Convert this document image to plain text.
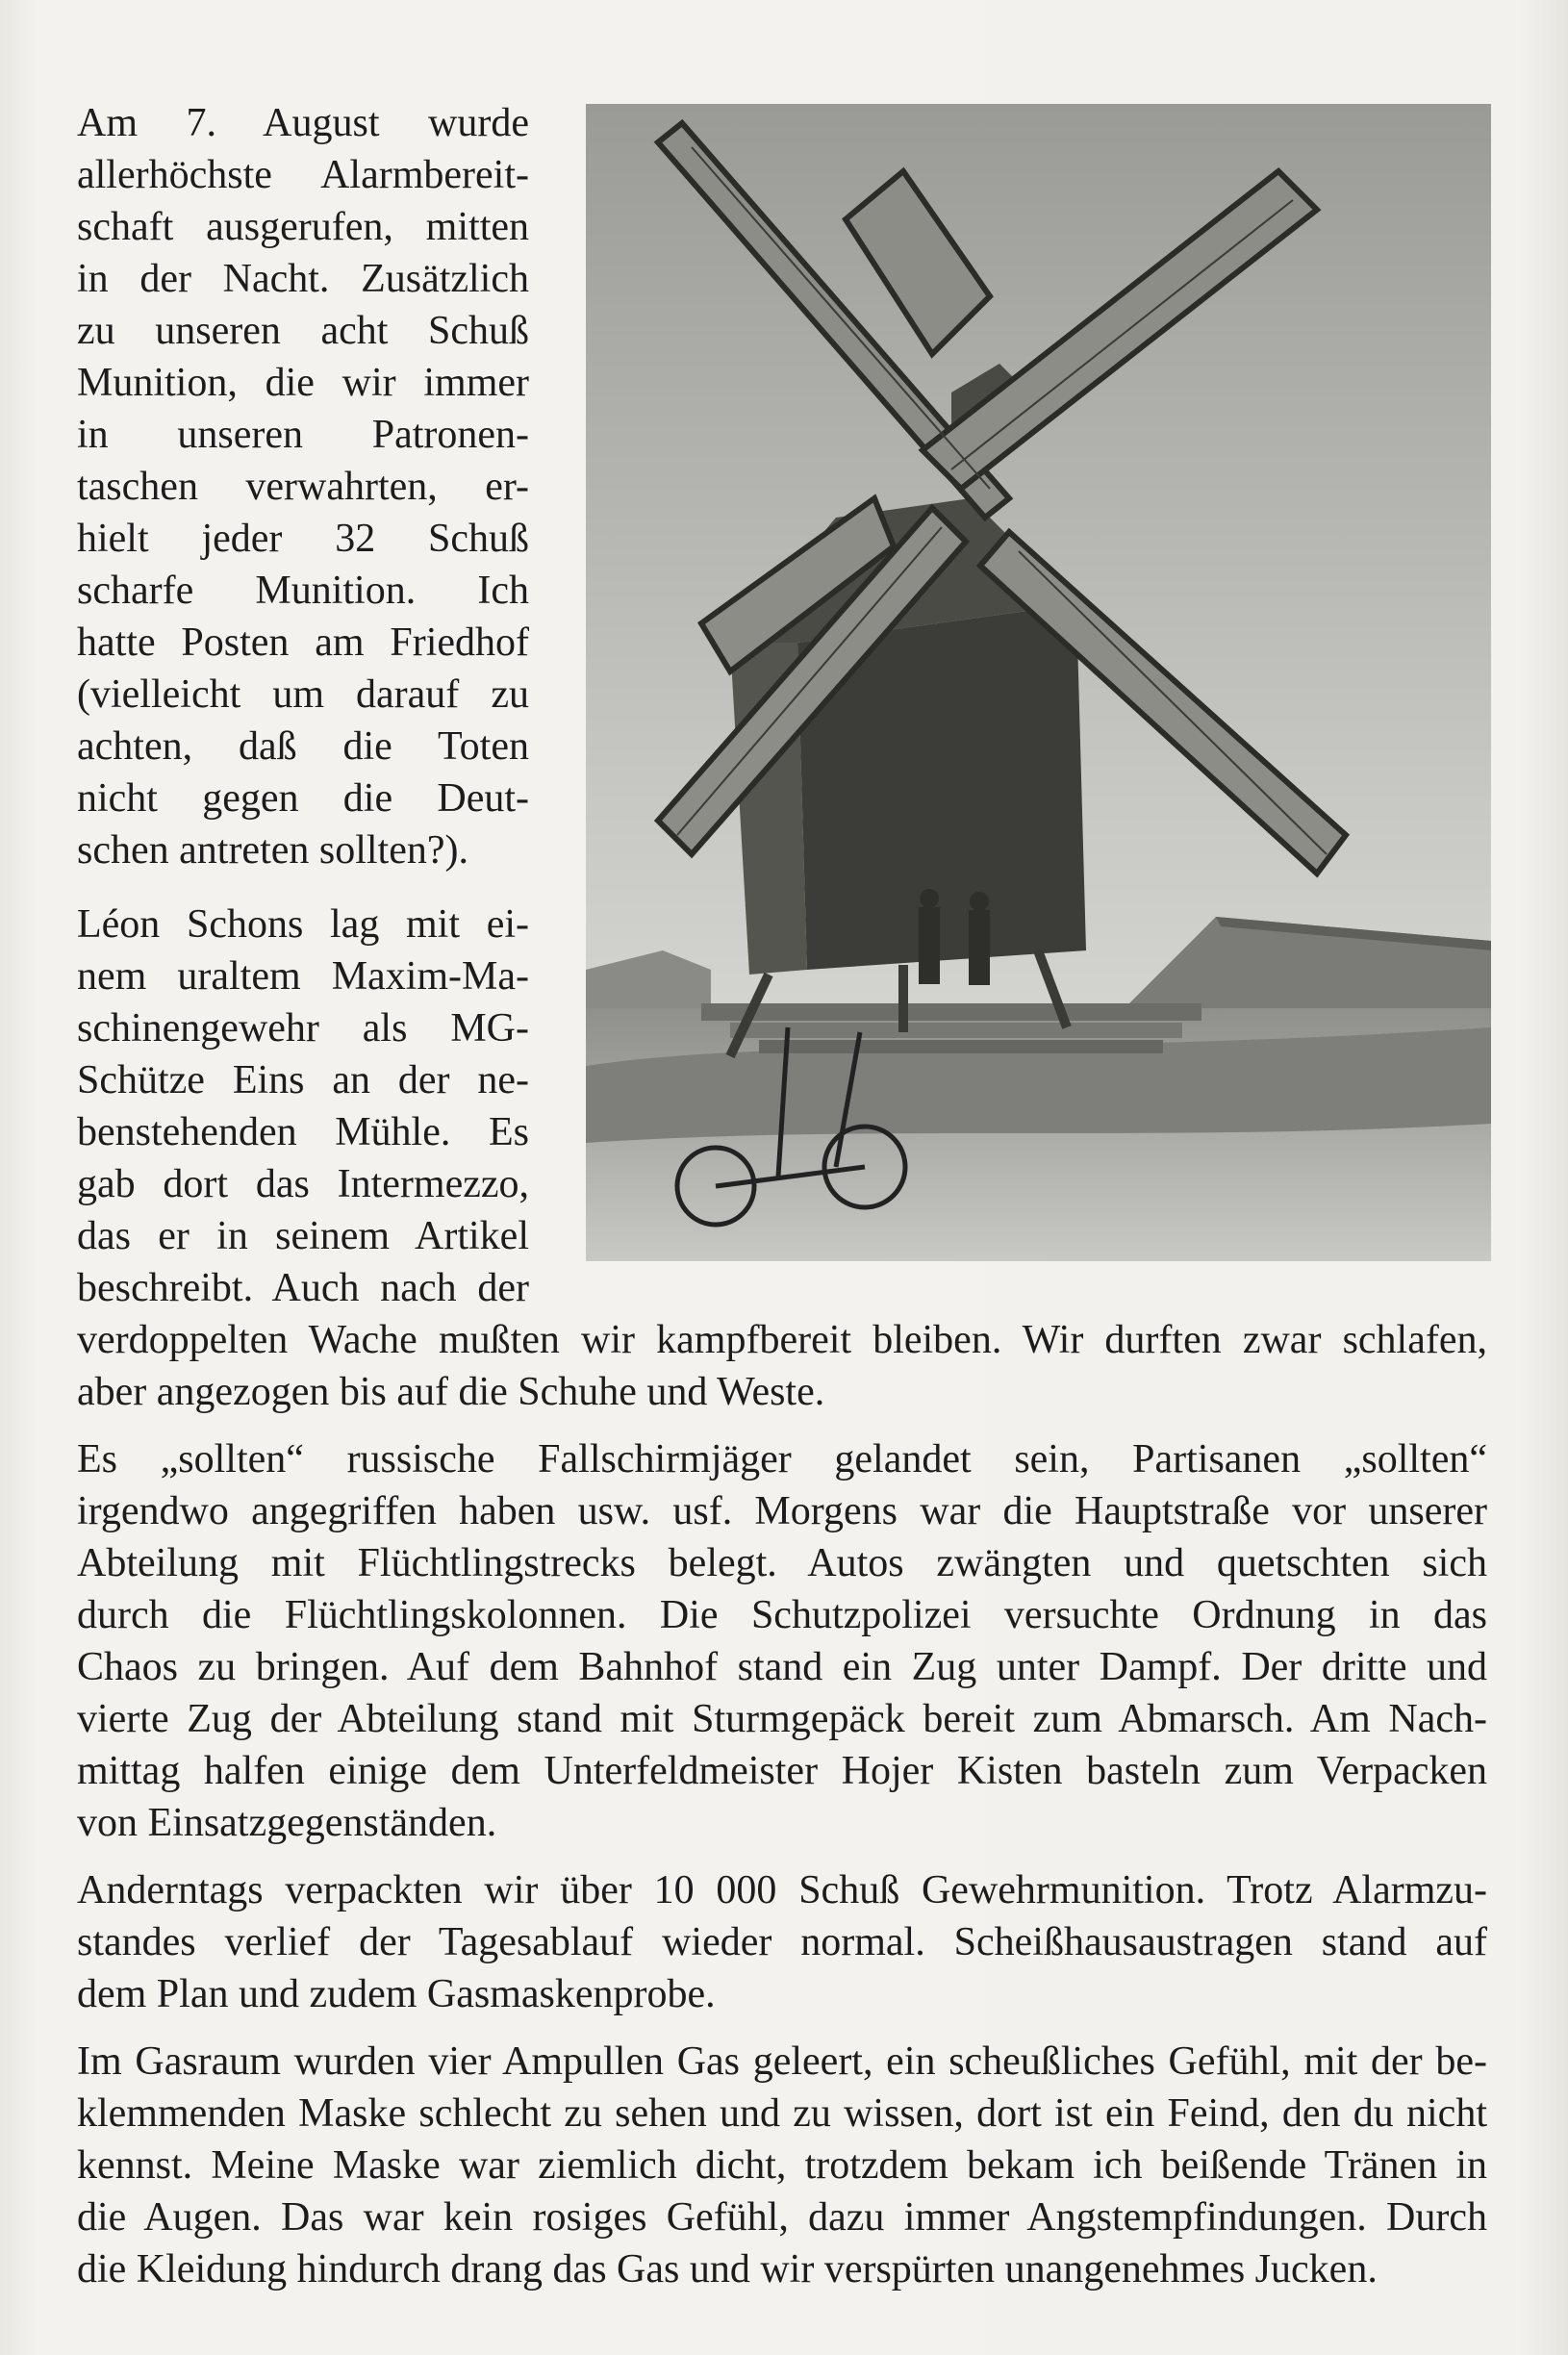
Am 7. August wurde
allerhöchste Alarmbereit-
schaft ausgerufen, mitten
in der Nacht. Zusätzlich
zu unseren acht Schuß
Munition, die wir immer
in unseren Patronen-
taschen verwahrten, er-
hielt jeder 32 Schuß
scharfe Munition. Ich
hatte Posten am Friedhof
(vielleicht um darauf zu
achten, daß die Toten
nicht gegen die Deut-
schen antreten sollten?).
Léon Schons lag mit ei-
nem uraltem Maxim-Ma-
schinengewehr als MG-
Schütze Eins an der ne-
benstehenden Mühle. Es
gab dort das Intermezzo,
das er in seinem Artikel
beschreibt. Auch nach der
verdoppelten Wache mußten wir kampfbereit bleiben. Wir durften zwar schlafen,
aber angezogen bis auf die Schuhe und Weste.
Es „sollten“ russische Fallschirmjäger gelandet sein, Partisanen „sollten“
irgendwo angegriffen haben usw. usf. Morgens war die Hauptstraße vor unserer
Abteilung mit Flüchtlingstrecks belegt. Autos zwängten und quetschten sich
durch die Flüchtlingskolonnen. Die Schutzpolizei versuchte Ordnung in das
Chaos zu bringen. Auf dem Bahnhof stand ein Zug unter Dampf. Der dritte und
vierte Zug der Abteilung stand mit Sturmgepäck bereit zum Abmarsch. Am Nach-
mittag halfen einige dem Unterfeldmeister Hojer Kisten basteln zum Verpacken
von Einsatzgegenständen.
Anderntags verpackten wir über 10 000 Schuß Gewehrmunition. Trotz Alarmzu-
standes verlief der Tagesablauf wieder normal. Scheißhausaustragen stand auf
dem Plan und zudem Gasmaskenprobe.
Im Gasraum wurden vier Ampullen Gas geleert, ein scheußliches Gefühl, mit der be-
klemmenden Maske schlecht zu sehen und zu wissen, dort ist ein Feind, den du nicht
kennst. Meine Maske war ziemlich dicht, trotzdem bekam ich beißende Tränen in
die Augen. Das war kein rosiges Gefühl, dazu immer Angstempfindungen. Durch
die Kleidung hindurch drang das Gas und wir verspürten unangenehmes Jucken.
